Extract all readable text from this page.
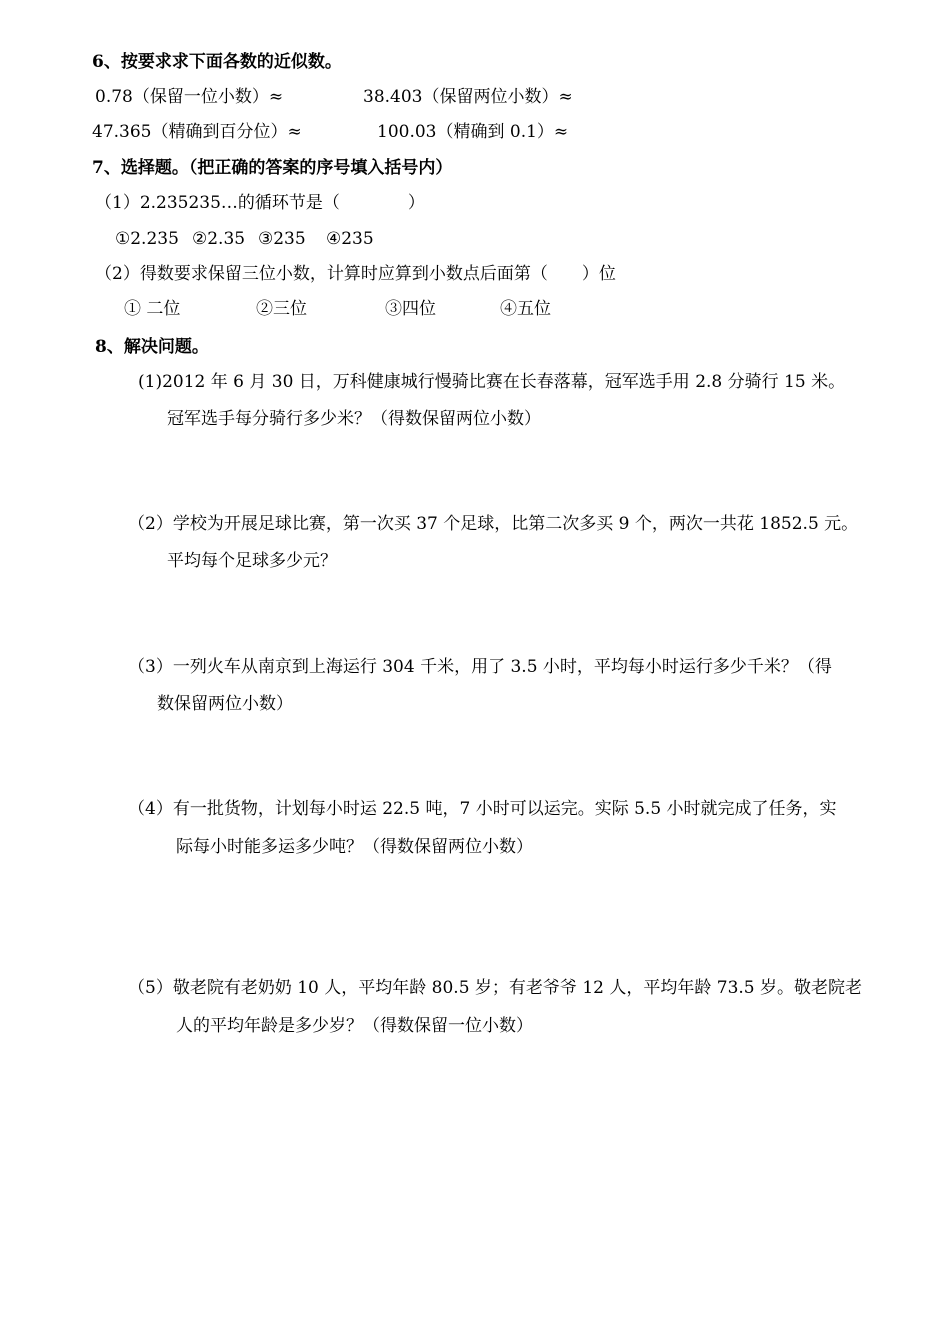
6、按要求求下面各数的近似数。
0.78（保留一位小数）≈	38.403（保留两位小数）≈
47.365（精确到百分位）≈	100.03（精确到 0.1）≈
7、选择题。（把正确的答案的序号填入括号内）
（1）2.235235…的循环节是（　　　　）
①2.235 ②2.35 ③235 ④235
（2）得数要求保留三位小数，计算时应算到小数点后面第（　　）位
① 二位	②三位	③四位	④五位
8、解决问题。
(1)2012 年 6 月 30 日，万科健康城行慢骑比赛在长春落幕，冠军选手用 2.8 分骑行 15 米。
冠军选手每分骑行多少米？（得数保留两位小数）
（2）学校为开展足球比赛，第一次买 37 个足球，比第二次多买 9 个，两次一共花 1852.5 元。
平均每个足球多少元？
（3）一列火车从南京到上海运行 304 千米，用了 3.5 小时，平均每小时运行多少千米？（得
数保留两位小数）
（4）有一批货物，计划每小时运 22.5 吨，7 小时可以运完。实际 5.5 小时就完成了任务，实
际每小时能多运多少吨？（得数保留两位小数）
（5）敬老院有老奶奶 10 人，平均年龄 80.5 岁；有老爷爷 12 人，平均年龄 73.5 岁。敬老院老
人的平均年龄是多少岁？（得数保留一位小数）
